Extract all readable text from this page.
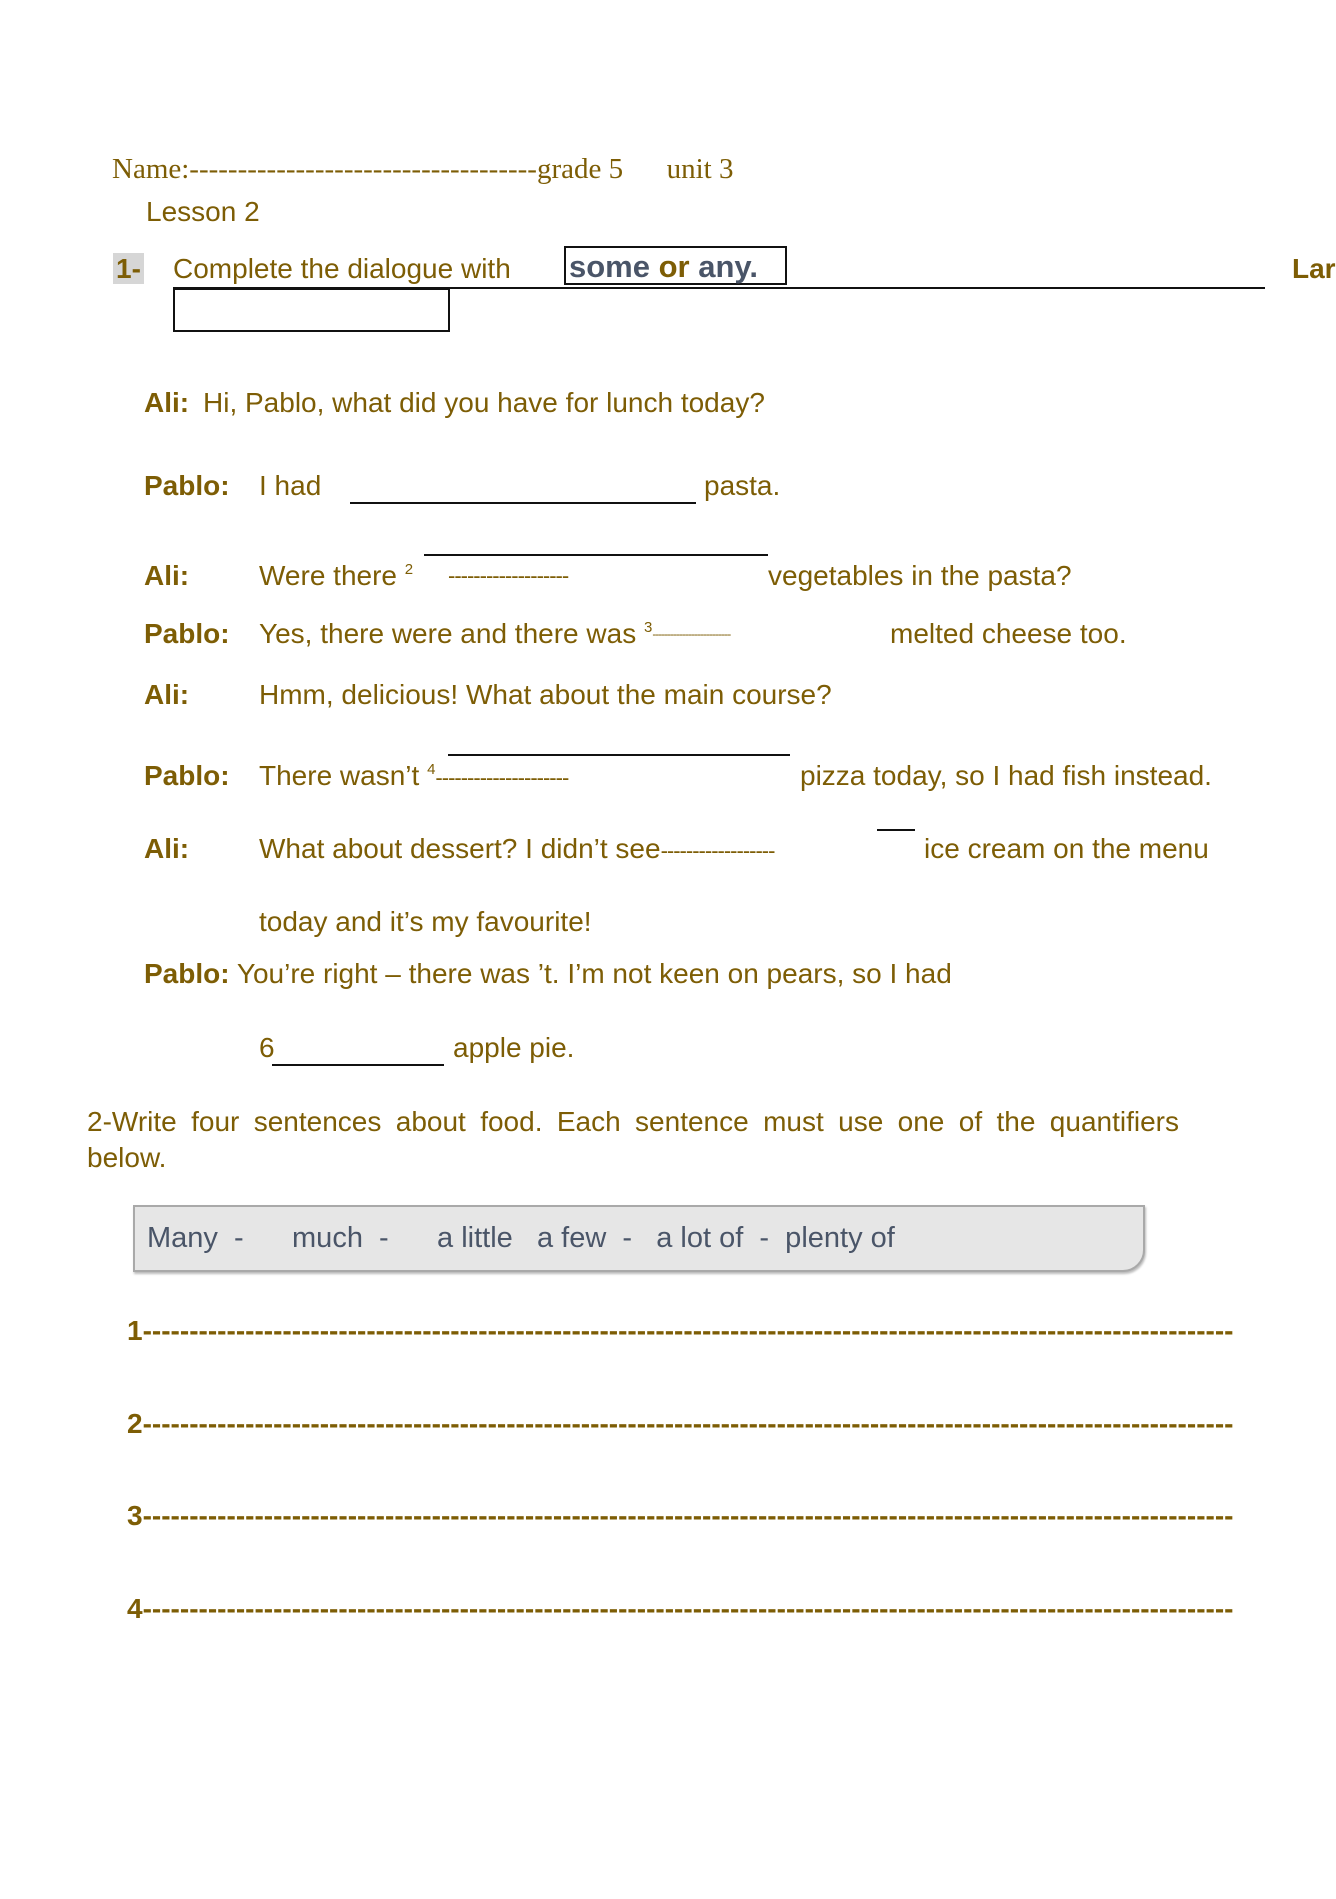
Name:------------------------------------grade 5 unit 3
Lesson 2
1- Complete the dialogue with some or any.	Lar
Ali: Hi, Pablo, what did you have for lunch today?
Pablo: I had	pasta.
Ali: Were there $^2$ -------------------	vegetables in the pasta?
Pablo: Yes, there were and there was $^{3--------------------------}$	melted cheese too.
Ali: Hmm, delicious! What about the main course?
Pablo: There wasn’t $^4$---------------------	pizza today, so I had fish instead.
Ali: What about dessert? I didn’t see------------------	ice cream on the menu
today and it’s my favourite!
Pablo: You’re right – there was ’t. I’m not keen on pears, so I had
6	apple pie.
2-Write four sentences about food. Each sentence must use one of the quantifiers below.
Many  -      much  -      a little   a few  -   a lot of  -  plenty of
1---------------------------------------------------------------------------------------------------------------------
2---------------------------------------------------------------------------------------------------------------------
3---------------------------------------------------------------------------------------------------------------------
4---------------------------------------------------------------------------------------------------------------------
